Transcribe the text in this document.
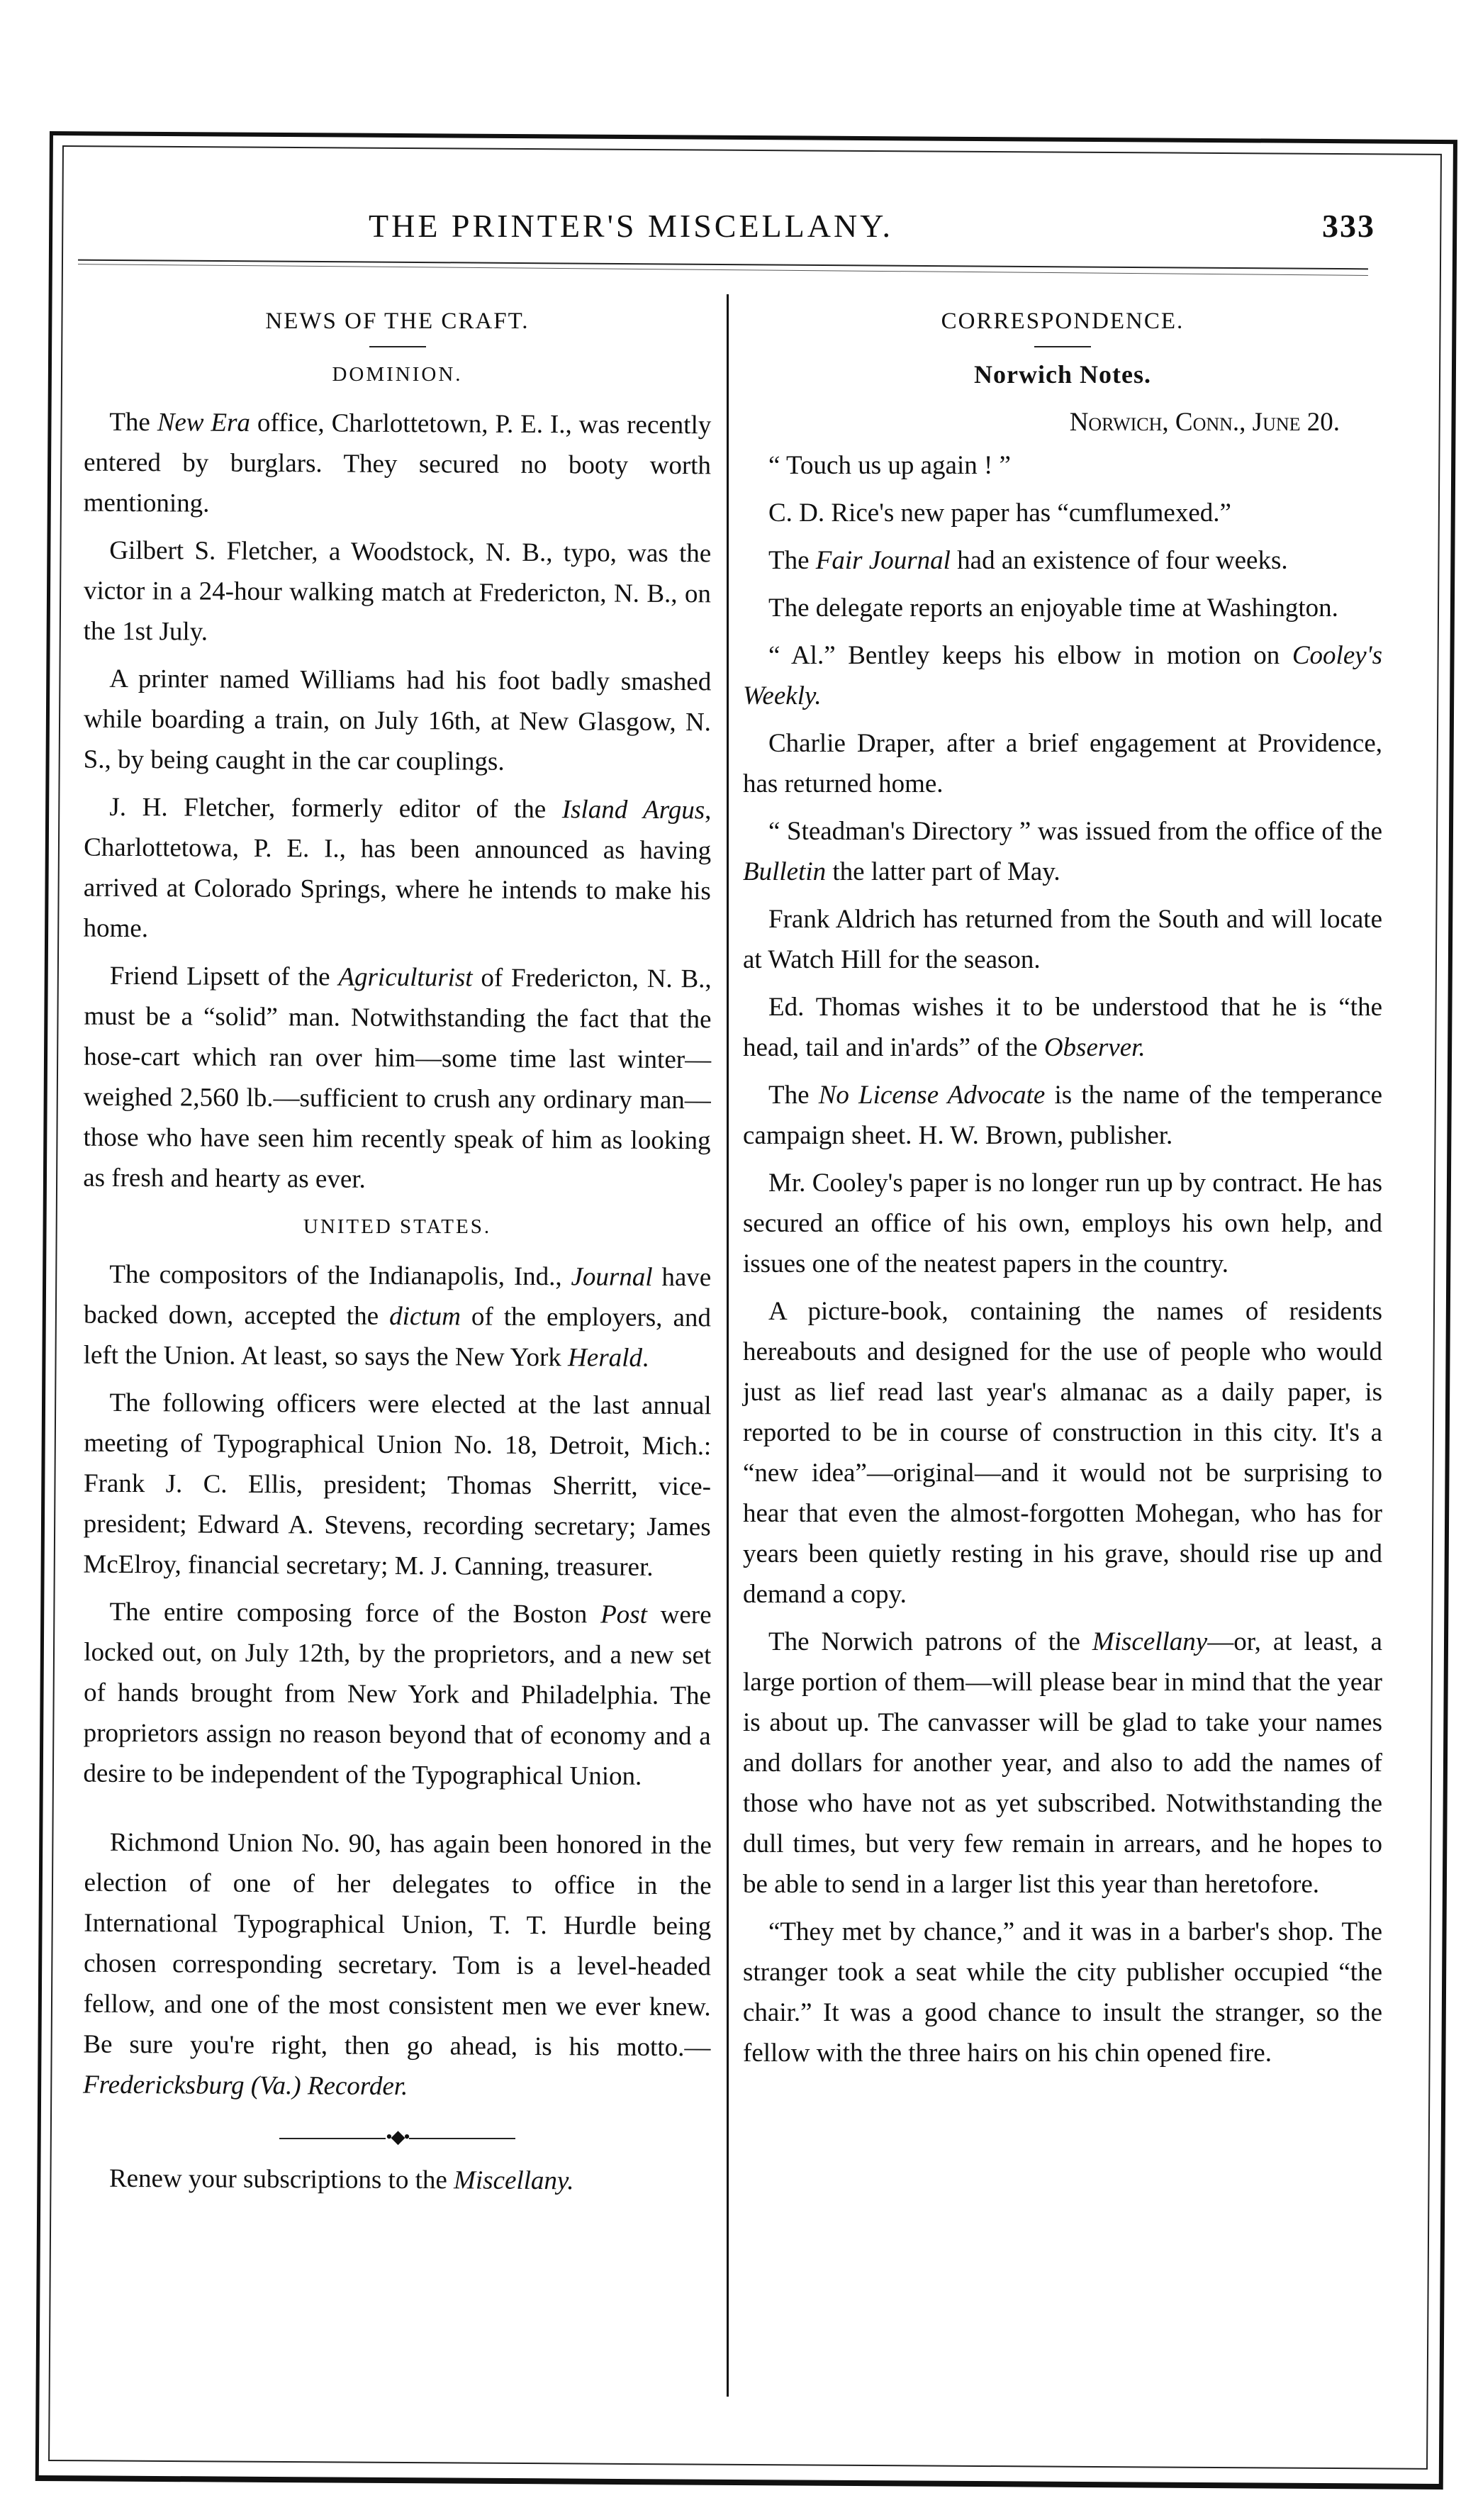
THE PRINTER'S MISCELLANY.	333
NEWS OF THE CRAFT.
DOMINION.

The New Era office, Charlottetown, P. E. I., was recently entered by burglars. They secured no booty worth mentioning.

Gilbert S. Fletcher, a Woodstock, N. B., typo, was the victor in a 24-hour walking match at Fredericton, N. B., on the 1st July.

A printer named Williams had his foot badly smashed while boarding a train, on July 16th, at New Glasgow, N. S., by being caught in the car couplings.

J. H. Fletcher, formerly editor of the Island Argus, Charlottetowa, P. E. I., has been announced as having arrived at Colorado Springs, where he intends to make his home.

Friend Lipsett of the Agriculturist of Fredericton, N. B., must be a “solid” man. Notwithstanding the fact that the hose-cart which ran over him—some time last winter—weighed 2,560 lb.—sufficient to crush any ordinary man—those who have seen him recently speak of him as looking as fresh and hearty as ever.

UNITED STATES.

The compositors of the Indianapolis, Ind., Journal have backed down, accepted the dictum of the employers, and left the Union. At least, so says the New York Herald.

The following officers were elected at the last annual meeting of Typographical Union No. 18, Detroit, Mich.: Frank J. C. Ellis, president; Thomas Sherritt, vice-president; Edward A. Stevens, recording secretary; James McElroy, financial secretary; M. J. Canning, treasurer.

The entire composing force of the Boston Post were locked out, on July 12th, by the proprietors, and a new set of hands brought from New York and Philadelphia. The proprietors assign no reason beyond that of economy and a desire to be independent of the Typographical Union.

Richmond Union No. 90, has again been honored in the election of one of her delegates to office in the International Typographical Union, T. T. Hurdle being chosen corresponding secretary. Tom is a level-headed fellow, and one of the most consistent men we ever knew. Be sure you're right, then go ahead, is his motto.—Fredericksburg (Va.) Recorder.

•◆•

Renew your subscriptions to the Miscellany.

CORRESPONDENCE.
Norwich Notes.
Norwich, Conn., June 20.

“ Touch us up again ! ”

C. D. Rice's new paper has “cumflumexed.”

The Fair Journal had an existence of four weeks.

The delegate reports an enjoyable time at Washington.

“ Al.” Bentley keeps his elbow in motion on Cooley's Weekly.

Charlie Draper, after a brief engagement at Providence, has returned home.

“ Steadman's Directory ” was issued from the office of the Bulletin the latter part of May.

Frank Aldrich has returned from the South and will locate at Watch Hill for the season.

Ed. Thomas wishes it to be understood that he is “the head, tail and in'ards” of the Observer.

The No License Advocate is the name of the temperance campaign sheet. H. W. Brown, publisher.

Mr. Cooley's paper is no longer run up by contract. He has secured an office of his own, employs his own help, and issues one of the neatest papers in the country.

A picture-book, containing the names of residents hereabouts and designed for the use of people who would just as lief read last year's almanac as a daily paper, is reported to be in course of construction in this city. It's a “new idea”—original—and it would not be surprising to hear that even the almost-forgotten Mohegan, who has for years been quietly resting in his grave, should rise up and demand a copy.

The Norwich patrons of the Miscellany—or, at least, a large portion of them—will please bear in mind that the year is about up. The canvasser will be glad to take your names and dollars for another year, and also to add the names of those who have not as yet subscribed. Notwithstanding the dull times, but very few remain in arrears, and he hopes to be able to send in a larger list this year than heretofore.

“They met by chance,” and it was in a barber's shop. The stranger took a seat while the city publisher occupied “the chair.” It was a good chance to insult the stranger, so the fellow with the three hairs on his chin opened fire.
